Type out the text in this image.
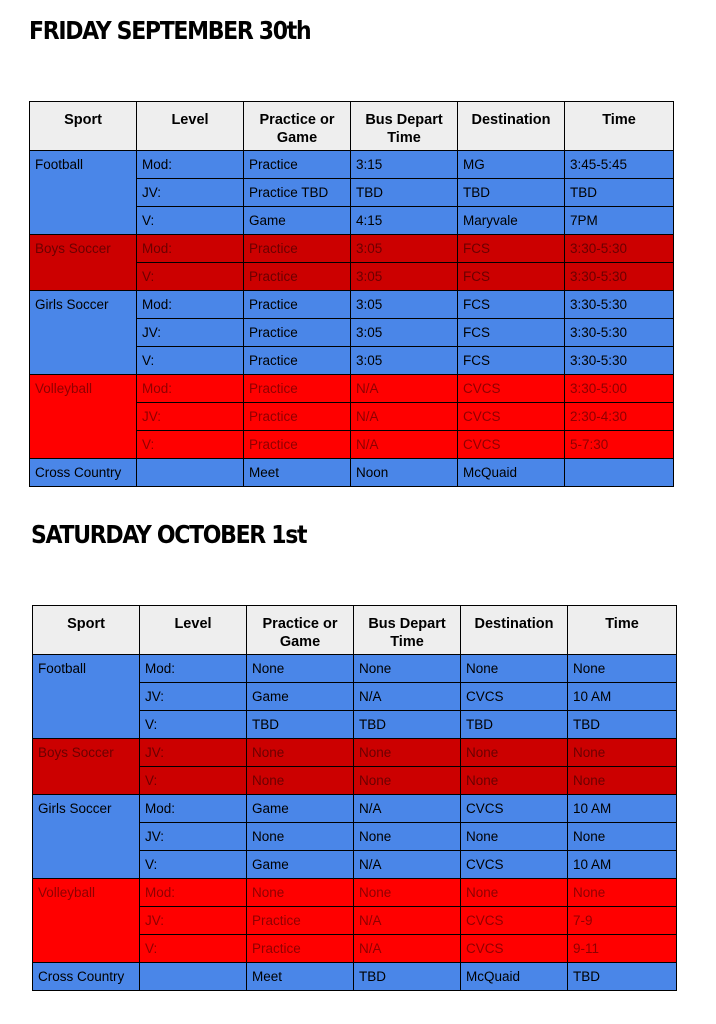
FRIDAY SEPTEMBER 30th
Sport	Level	Practice or Game	Bus Depart Time	Destination	Time
Football	Mod:	Practice	3:15	MG	3:45-5:45
	JV:	Practice TBD	TBD	TBD	TBD
	V:	Game	4:15	Maryvale	7PM
Boys Soccer	Mod:	Practice	3:05	FCS	3:30-5:30
	V:	Practice	3:05	FCS	3:30-5:30
Girls Soccer	Mod:	Practice	3:05	FCS	3:30-5:30
	JV:	Practice	3:05	FCS	3:30-5:30
	V:	Practice	3:05	FCS	3:30-5:30
Volleyball	Mod:	Practice	N/A	CVCS	3:30-5:00
	JV:	Practice	N/A	CVCS	2:30-4:30
	V:	Practice	N/A	CVCS	5-7:30
Cross Country		Meet	Noon	McQuaid	
SATURDAY OCTOBER 1st
Sport	Level	Practice or Game	Bus Depart Time	Destination	Time
Football	Mod:	None	None	None	None
	JV:	Game	N/A	CVCS	10 AM
	V:	TBD	TBD	TBD	TBD
Boys Soccer	JV:	None	None	None	None
	V:	None	None	None	None
Girls Soccer	Mod:	Game	N/A	CVCS	10 AM
	JV:	None	None	None	None
	V:	Game	N/A	CVCS	10 AM
Volleyball	Mod:	None	None	None	None
	JV:	Practice	N/A	CVCS	7-9
	V:	Practice	N/A	CVCS	9-11
Cross Country		Meet	TBD	McQuaid	TBD
